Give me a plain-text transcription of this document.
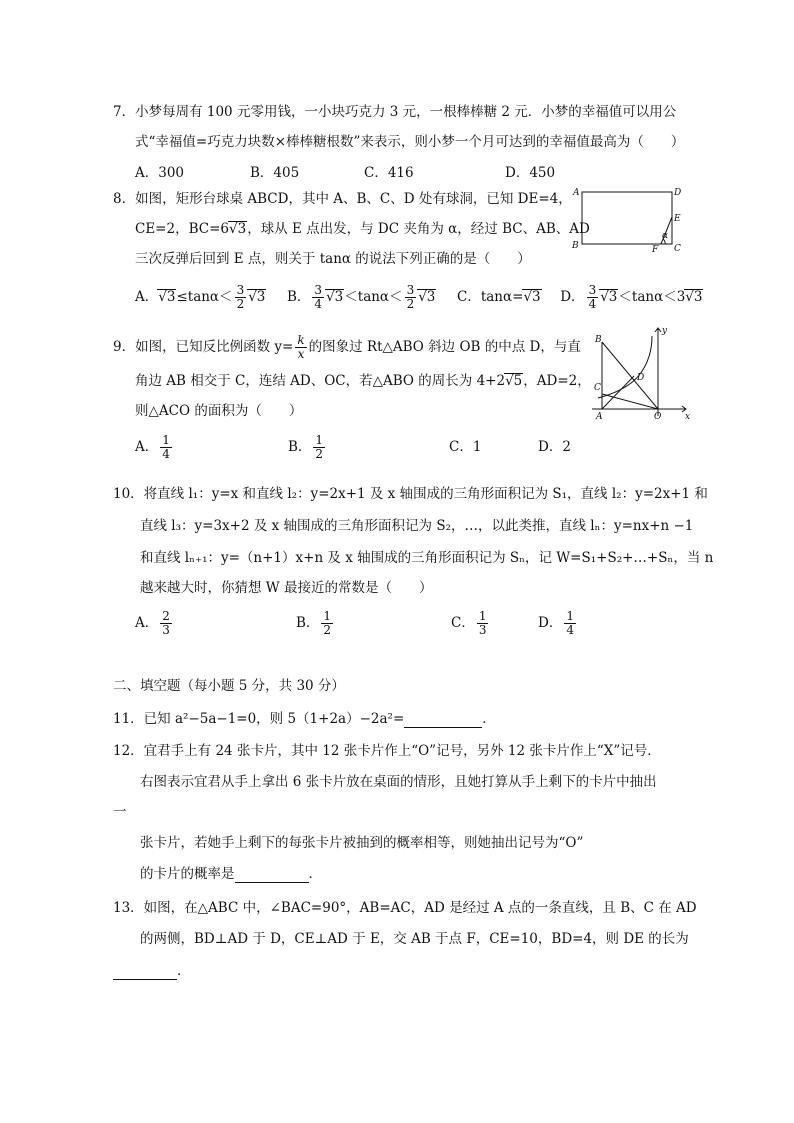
7．小梦每周有 100 元零用钱，一小块巧克力 3 元，一根棒棒糖 2 元．小梦的幸福值可以用公
式“幸福值=巧克力块数×棒棒糖根数”来表示，则小梦一个月可达到的幸福值最高为（　　）
A．300	B．405	C．416	D．450
8．如图，矩形台球桌 ABCD，其中 A、B、C、D 处有球洞，已知 DE=4，
CE=2，BC=6√3，球从 E 点出发，与 DC 夹角为 α，经过 BC、AB、AD
三次反弹后回到 E 点，则关于 tanα 的说法下列正确的是（　　）
A．$√3\le\tan\alpha< \frac{3}{2} √3$ B． $\frac{3}{4} √3<\tan\alpha< \frac{3}{2} √3$ C．tanα=√3 D． $\frac{3}{4} √3<\tan\alpha<3√3$
A	D
E
B	F C
α
9．如图，已知反比例函数 $y= \frac{k}{x}$ 的图象过 Rt△ABO 斜边 OB 的中点 D，与直
角边 AB 相交于 C，连结 AD、OC，若△ABO 的周长为 4+2√5，AD=2，
则△ACO 的面积为（　　）
A． $\frac{1}{4}$	B． $\frac{1}{2}$	C．1	D．2
y
B
D
C
A	O	x
10．将直线 l₁：y=x 和直线 l₂：y=2x+1 及 x 轴围成的三角形面积记为 S₁，直线 l₂：y=2x+1 和
直线 l₃：y=3x+2 及 x 轴围成的三角形面积记为 S₂，…，以此类推，直线 lₙ：y=nx+n −1
和直线 lₙ₊₁：y=（n+1）x+n 及 x 轴围成的三角形面积记为 Sₙ，记 W=S₁+S₂+…+Sₙ，当 n
越来越大时，你猜想 W 最接近的常数是（　　）
A． $\frac{2}{3}$	B． $\frac{1}{2}$	C． $\frac{1}{3}$	D． $\frac{1}{4}$
二、填空题（每小题 5 分，共 30 分）
11．已知 a²−5a−1=0，则 5（1+2a）−2a²=	．
12．宜君手上有 24 张卡片，其中 12 张卡片作上“O”记号，另外 12 张卡片作上“X”记号．
右图表示宜君从手上拿出 6 张卡片放在桌面的情形，且她打算从手上剩下的卡片中抽出
一
张卡片，若她手上剩下的每张卡片被抽到的概率相等，则她抽出记号为“O”
的卡片的概率是	．
13．如图，在△ABC 中，∠BAC=90°，AB=AC，AD 是经过 A 点的一条直线，且 B、C 在 AD
的两侧，BD⊥AD 于 D，CE⊥AD 于 E，交 AB 于点 F，CE=10，BD=4，则 DE 的长为
．
